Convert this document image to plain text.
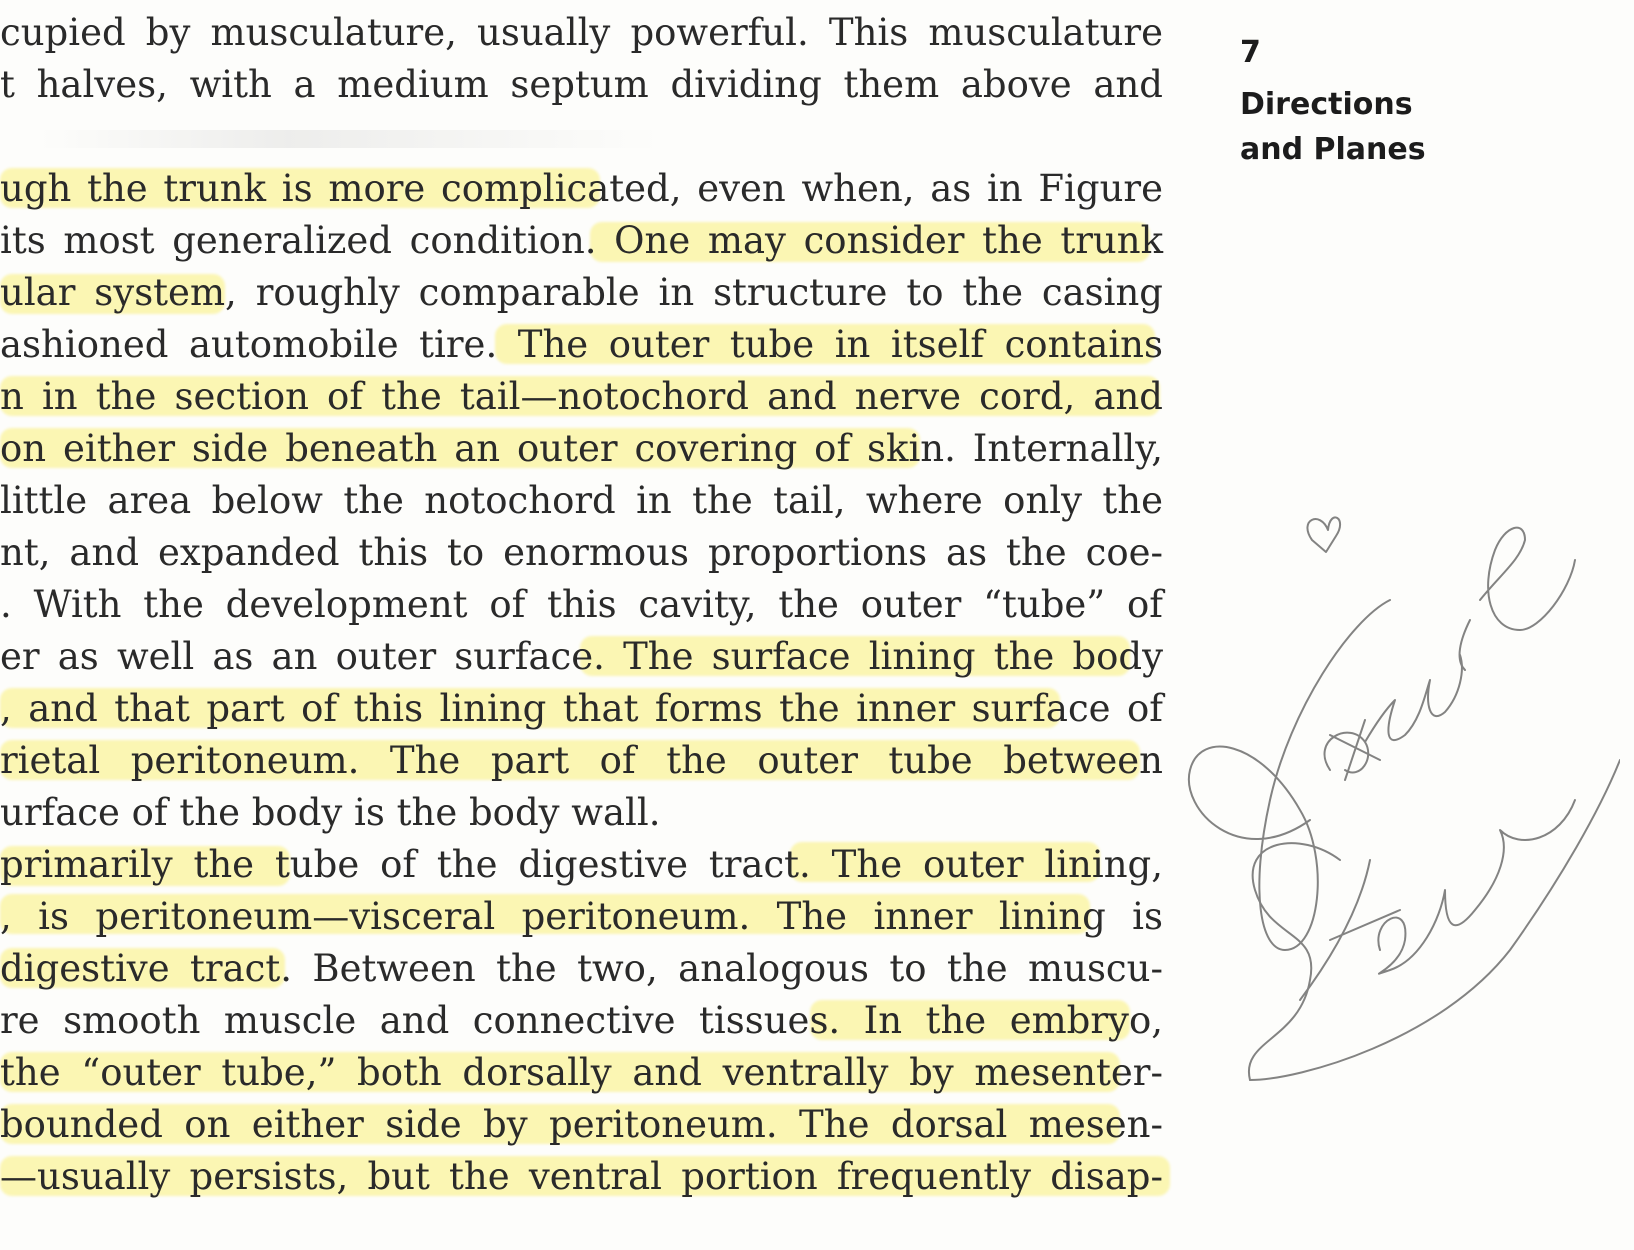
cupied by musculature, usually powerful. This musculature
t halves, with a medium septum dividing them above and
ugh the trunk is more complicated, even when, as in Figure
its most generalized condition. One may consider the trunk
ular system, roughly comparable in structure to the casing
ashioned automobile tire. The outer tube in itself contains
n in the section of the tail—notochord and nerve cord, and
on either side beneath an outer covering of skin. Internally,
little area below the notochord in the tail, where only the
nt, and expanded this to enormous proportions as the coe-
. With the development of this cavity, the outer “tube” of
er as well as an outer surface. The surface lining the body
, and that part of this lining that forms the inner surface of
rietal peritoneum. The part of the outer tube between
urface of the body is the body wall.
primarily the tube of the digestive tract. The outer lining,
, is peritoneum—visceral peritoneum. The inner lining is
digestive tract. Between the two, analogous to the muscu-
re smooth muscle and connective tissues. In the embryo,
the “outer tube,” both dorsally and ventrally by mesenter-
bounded on either side by peritoneum. The dorsal mesen-
—usually persists, but the ventral portion frequently disap-
7
Directions
and Planes
